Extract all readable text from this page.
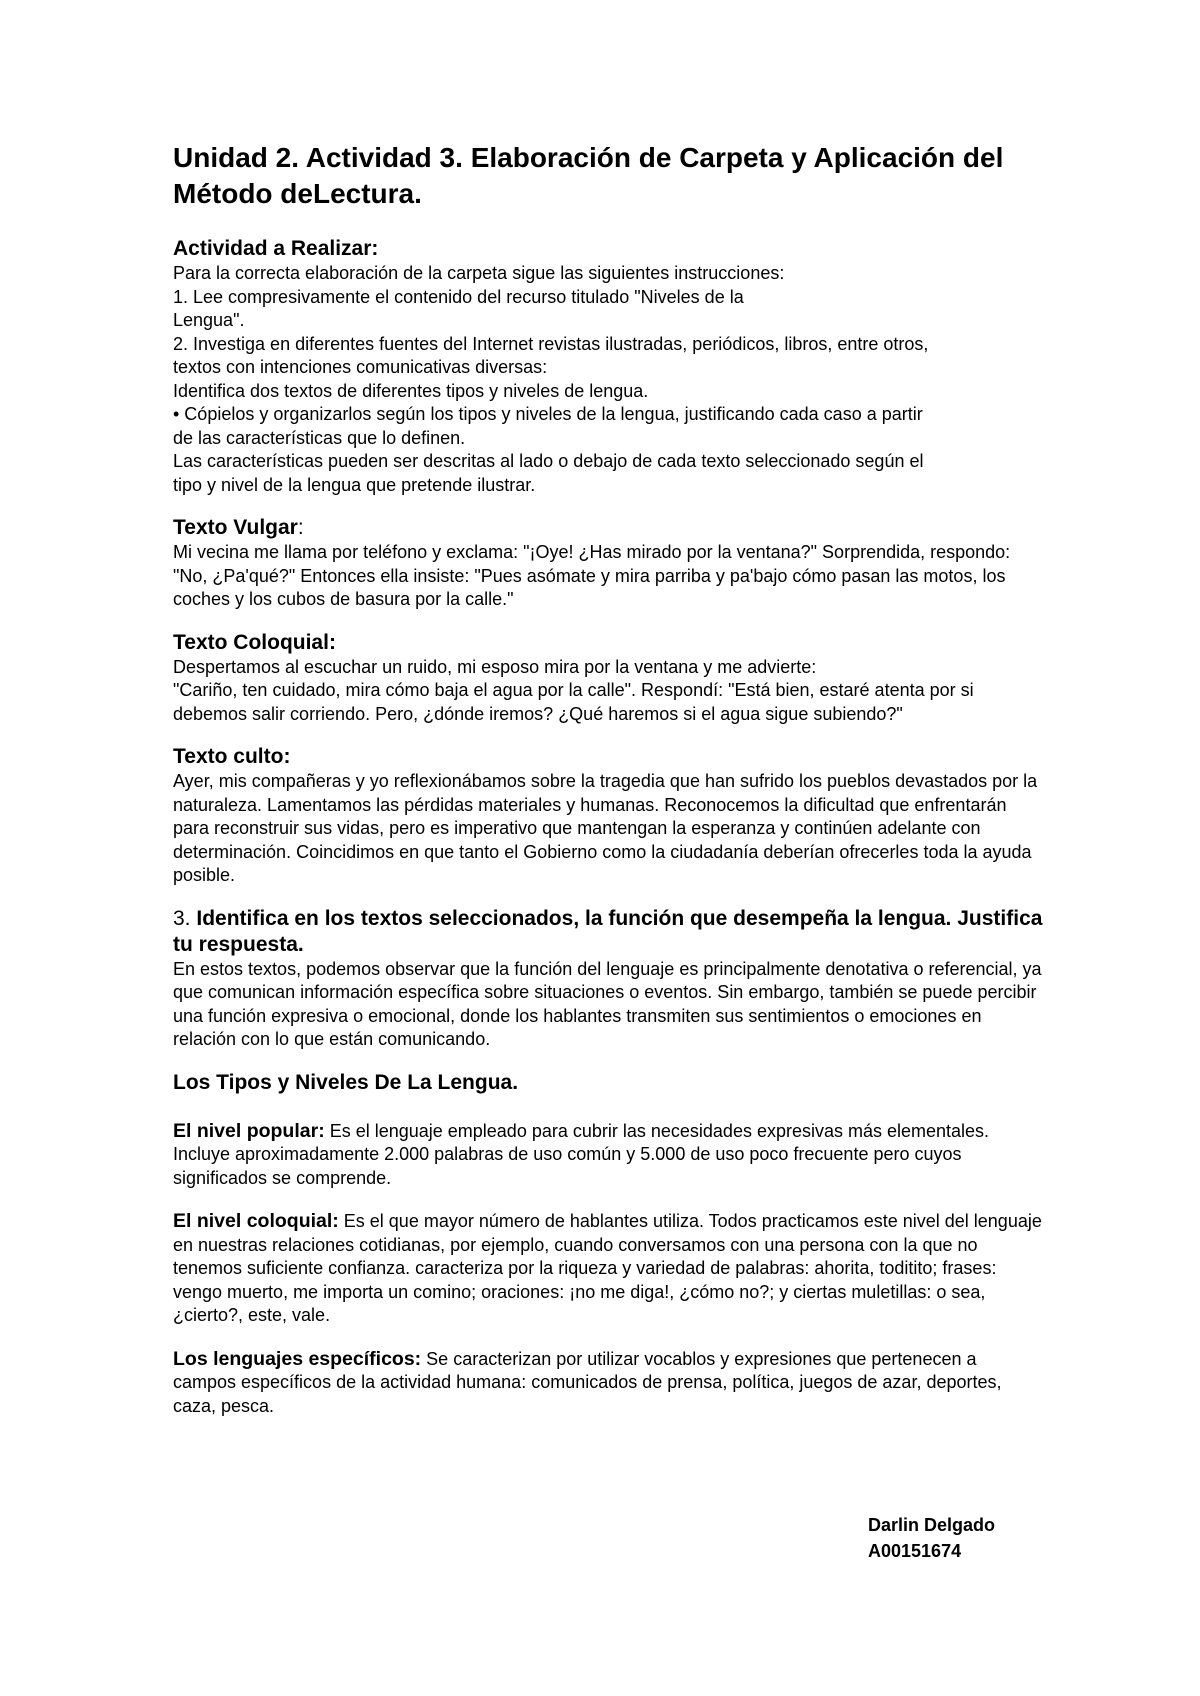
Unidad 2. Actividad 3. Elaboración de Carpeta y Aplicación del Método deLectura.
Actividad a Realizar:
Para la correcta elaboración de la carpeta sigue las siguientes instrucciones:
1. Lee compresivamente el contenido del recurso titulado "Niveles de la
Lengua".
2. Investiga en diferentes fuentes del Internet revistas ilustradas, periódicos, libros, entre otros,
textos con intenciones comunicativas diversas:
Identifica dos textos de diferentes tipos y niveles de lengua.
• Cópielos y organizarlos según los tipos y niveles de la lengua, justificando cada caso a partir
de las características que lo definen.
Las características pueden ser descritas al lado o debajo de cada texto seleccionado según el
tipo y nivel de la lengua que pretende ilustrar.
Texto Vulgar:

Mi vecina me llama por teléfono y exclama: "¡Oye! ¿Has mirado por la ventana?" Sorprendida, respondo: "No, ¿Pa'qué?" Entonces ella insiste: "Pues asómate y mira parriba y pa'bajo cómo pasan las motos, los coches y los cubos de basura por la calle."

Texto Coloquial:

Despertamos al escuchar un ruido, mi esposo mira por la ventana y me advierte:

"Cariño, ten cuidado, mira cómo baja el agua por la calle". Respondí: "Está bien, estaré atenta por si debemos salir corriendo. Pero, ¿dónde iremos? ¿Qué haremos si el agua sigue subiendo?"

Texto culto:

Ayer, mis compañeras y yo reflexionábamos sobre la tragedia que han sufrido los pueblos devastados por la naturaleza. Lamentamos las pérdidas materiales y humanas. Reconocemos la dificultad que enfrentarán para reconstruir sus vidas, pero es imperativo que mantengan la esperanza y continúen adelante con determinación. Coincidimos en que tanto el Gobierno como la ciudadanía deberían ofrecerles toda la ayuda posible.

3. Identifica en los textos seleccionados, la función que desempeña la lengua. Justifica tu respuesta.

En estos textos, podemos observar que la función del lenguaje es principalmente denotativa o referencial, ya que comunican información específica sobre situaciones o eventos. Sin embargo, también se puede percibir una función expresiva o emocional, donde los hablantes transmiten sus sentimientos o emociones en relación con lo que están comunicando.

Los Tipos y Niveles De La Lengua.

El nivel popular: Es el lenguaje empleado para cubrir las necesidades expresivas más elementales. Incluye aproximadamente 2.000 palabras de uso común y 5.000 de uso poco frecuente pero cuyos significados se comprende.

El nivel coloquial: Es el que mayor número de hablantes utiliza. Todos practicamos este nivel del lenguaje en nuestras relaciones cotidianas, por ejemplo, cuando conversamos con una persona con la que no tenemos suficiente confianza. caracteriza por la riqueza y variedad de palabras: ahorita, toditito; frases: vengo muerto, me importa un comino; oraciones: ¡no me diga!, ¿cómo no?; y ciertas muletillas: o sea,

¿cierto?, este, vale.

Los lenguajes específicos: Se caracterizan por utilizar vocablos y expresiones que pertenecen a campos específicos de la actividad humana: comunicados de prensa, política, juegos de azar, deportes, caza, pesca.

Darlin Delgado
A00151674
